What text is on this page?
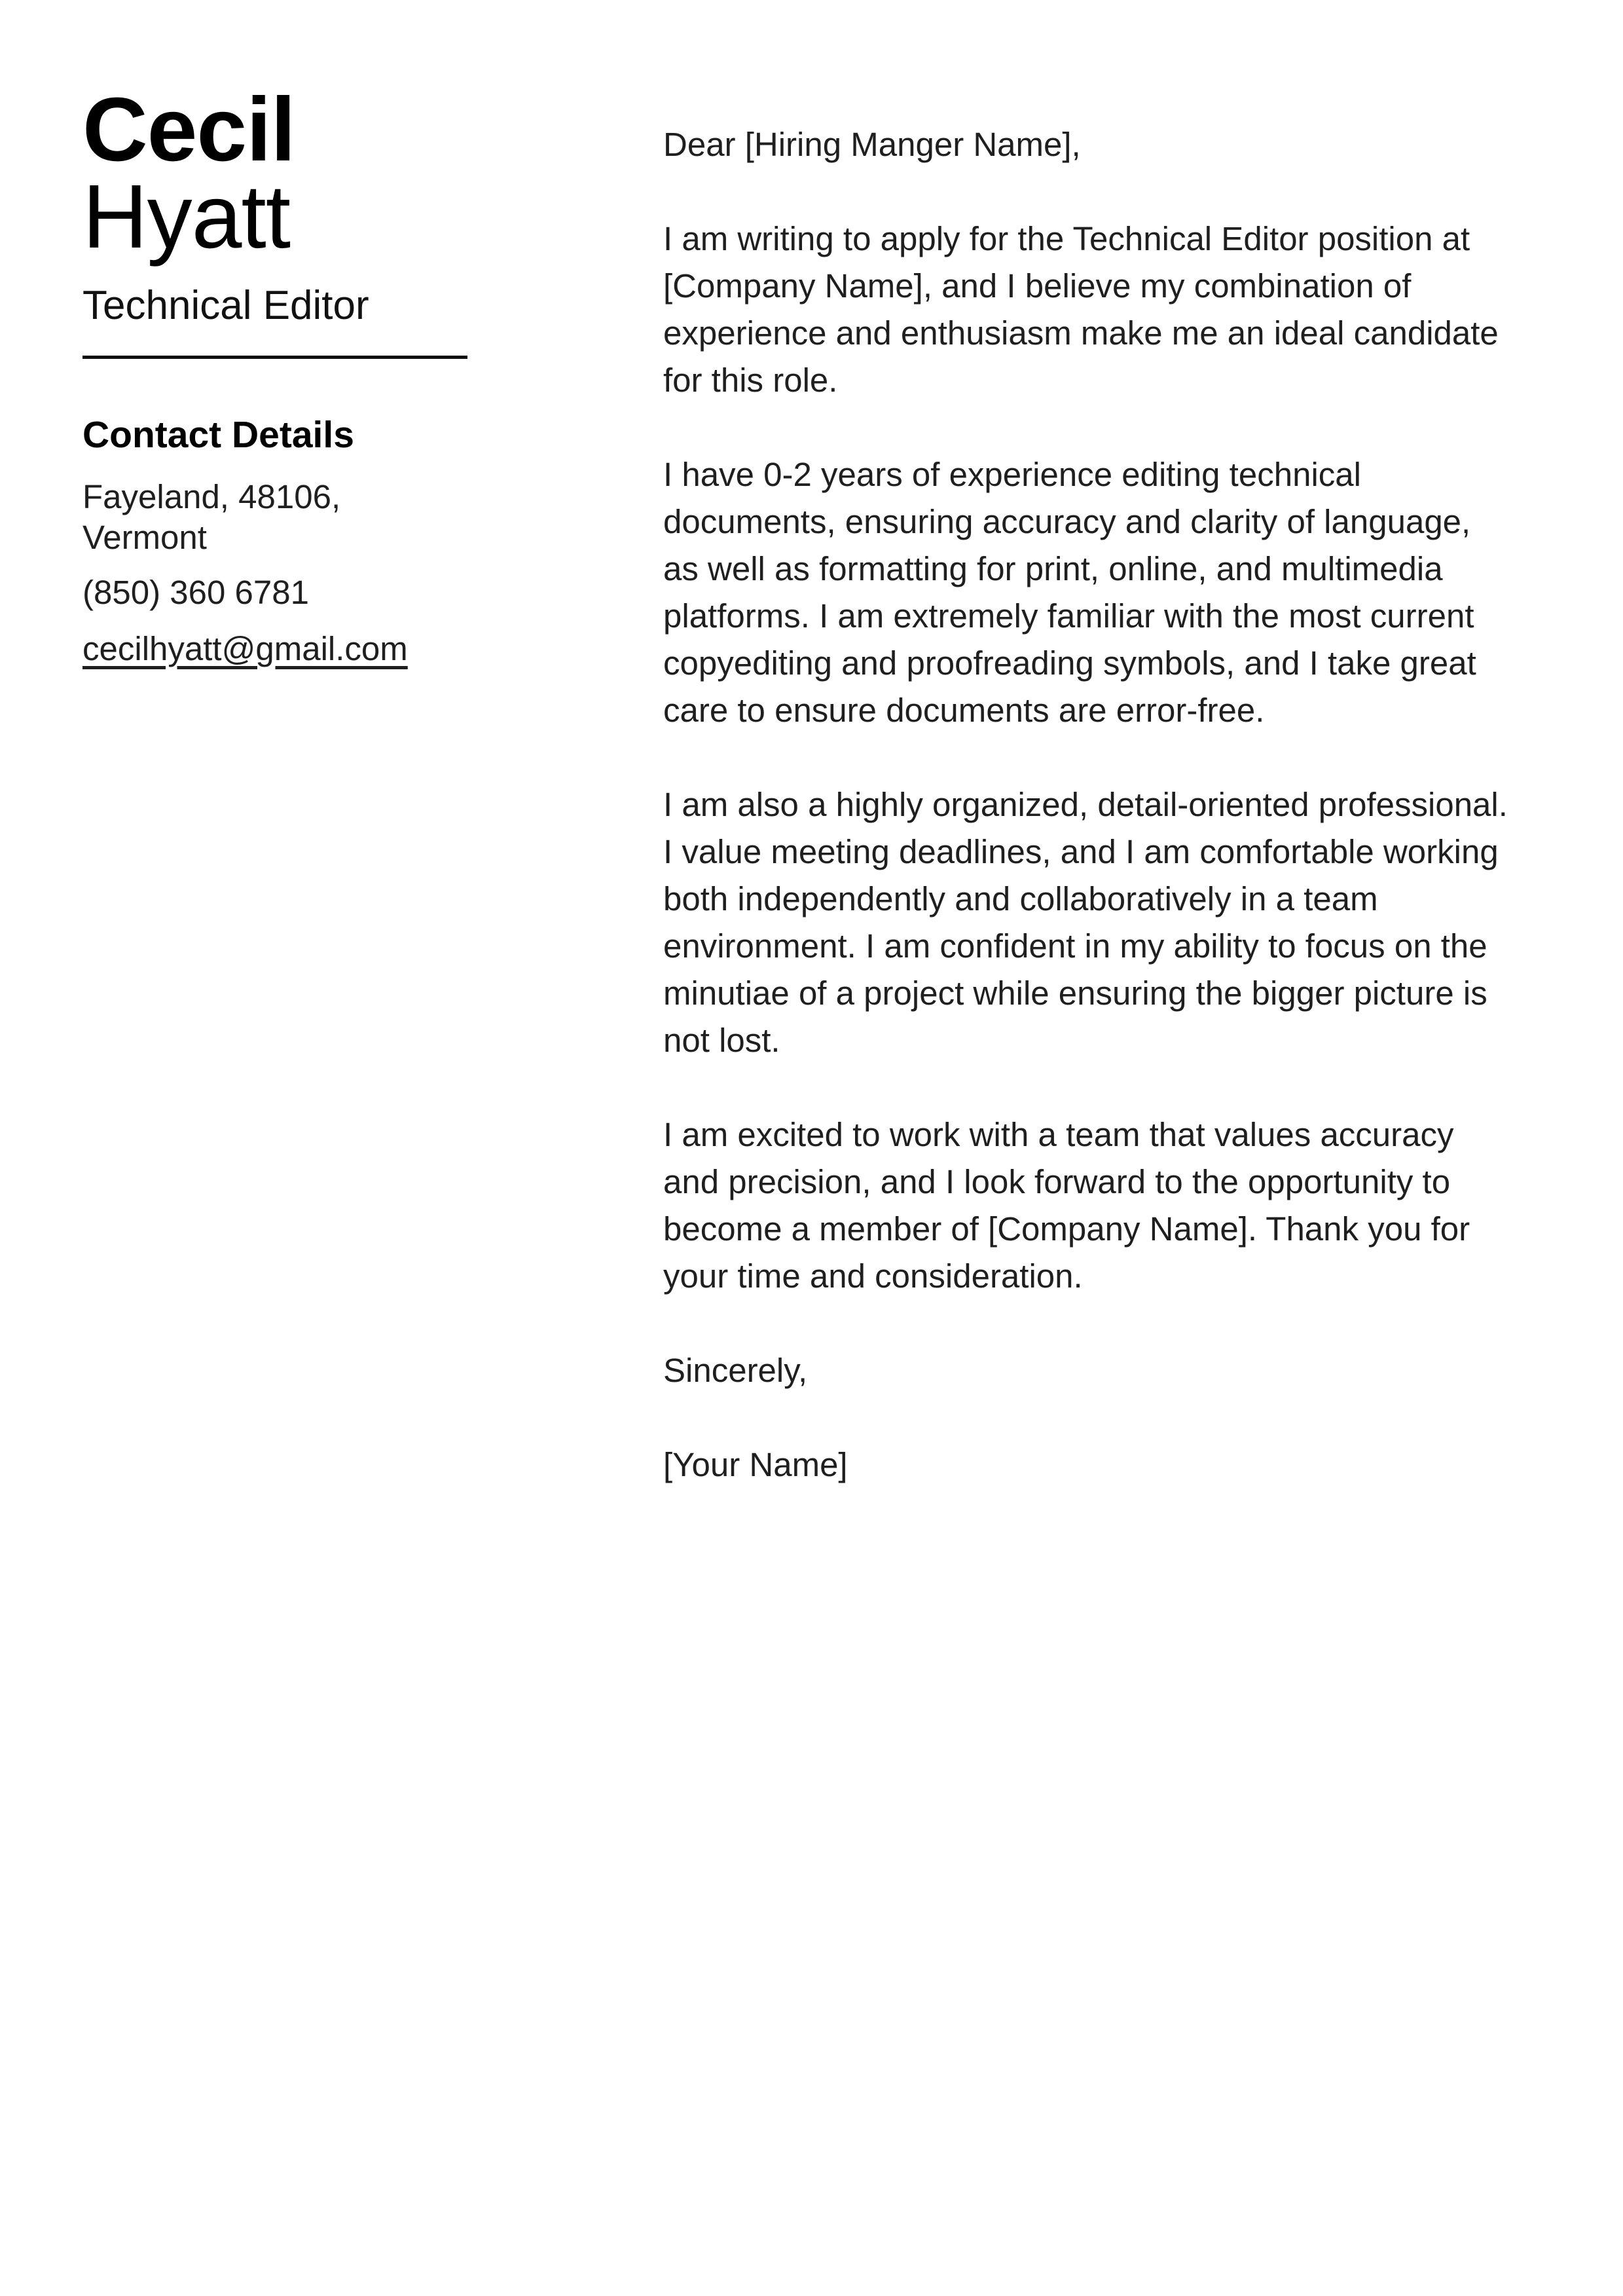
Cecil
Hyatt
Technical Editor
Contact Details
Fayeland, 48106, Vermont
(850) 360 6781
cecilhyatt@gmail.com

Dear [Hiring Manger Name],

I am writing to apply for the Technical Editor position at [Company Name], and I believe my combination of experience and enthusiasm make me an ideal candidate for this role.

I have 0-2 years of experience editing technical documents, ensuring accuracy and clarity of language, as well as formatting for print, online, and multimedia platforms. I am extremely familiar with the most current copyediting and proofreading symbols, and I take great care to ensure documents are error-free.

I am also a highly organized, detail-oriented professional. I value meeting deadlines, and I am comfortable working both independently and collaboratively in a team environment. I am confident in my ability to focus on the minutiae of a project while ensuring the bigger picture is not lost.

I am excited to work with a team that values accuracy and precision, and I look forward to the opportunity to become a member of [Company Name]. Thank you for your time and consideration.

Sincerely,

[Your Name]
